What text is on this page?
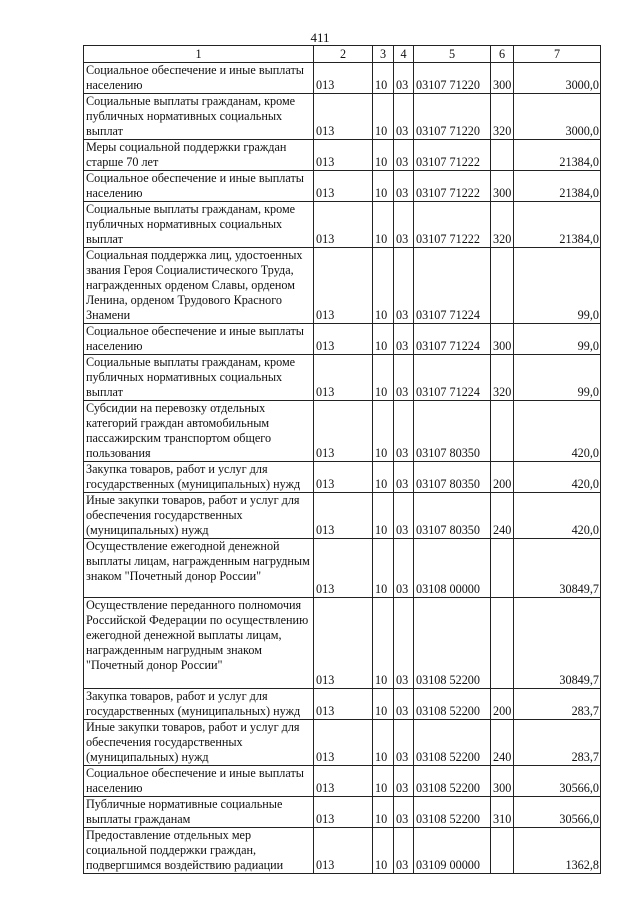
411
1	2	3	4	5	6	7
Социальное обеспечение и иные выплаты населению	013	10	03	03107 71220	300	3000,0
Социальные выплаты гражданам, кроме публичных нормативных социальных выплат	013	10	03	03107 71220	320	3000,0
Меры социальной поддержки граждан старше 70 лет	013	10	03	03107 71222		21384,0
Социальное обеспечение и иные выплаты населению	013	10	03	03107 71222	300	21384,0
Социальные выплаты гражданам, кроме публичных нормативных социальных выплат	013	10	03	03107 71222	320	21384,0
Социальная поддержка лиц, удостоенных звания Героя Социалистического Труда, награжденных орденом Славы, орденом Ленина, орденом Трудового Красного Знамени	013	10	03	03107 71224		99,0
Социальное обеспечение и иные выплаты населению	013	10	03	03107 71224	300	99,0
Социальные выплаты гражданам, кроме публичных нормативных социальных выплат	013	10	03	03107 71224	320	99,0
Субсидии на перевозку отдельных категорий граждан автомобильным пассажирским транспортом общего пользования	013	10	03	03107 80350		420,0
Закупка товаров, работ и услуг для государственных (муниципальных) нужд	013	10	03	03107 80350	200	420,0
Иные закупки товаров, работ и услуг для обеспечения государственных (муниципальных) нужд	013	10	03	03107 80350	240	420,0
Осуществление ежегодной денежной выплаты лицам, награжденным нагрудным знаком "Почетный донор России"	013	10	03	03108 00000		30849,7
Осуществление переданного полномочия Российской Федерации по осуществлению ежегодной денежной выплаты лицам, награжденным нагрудным знаком "Почетный донор России"	013	10	03	03108 52200		30849,7
Закупка товаров, работ и услуг для государственных (муниципальных) нужд	013	10	03	03108 52200	200	283,7
Иные закупки товаров, работ и услуг для обеспечения государственных (муниципальных) нужд	013	10	03	03108 52200	240	283,7
Социальное обеспечение и иные выплаты населению	013	10	03	03108 52200	300	30566,0
Публичные нормативные социальные выплаты гражданам	013	10	03	03108 52200	310	30566,0
Предоставление отдельных мер социальной поддержки граждан, подвергшимся воздействию радиации	013	10	03	03109 00000		1362,8
